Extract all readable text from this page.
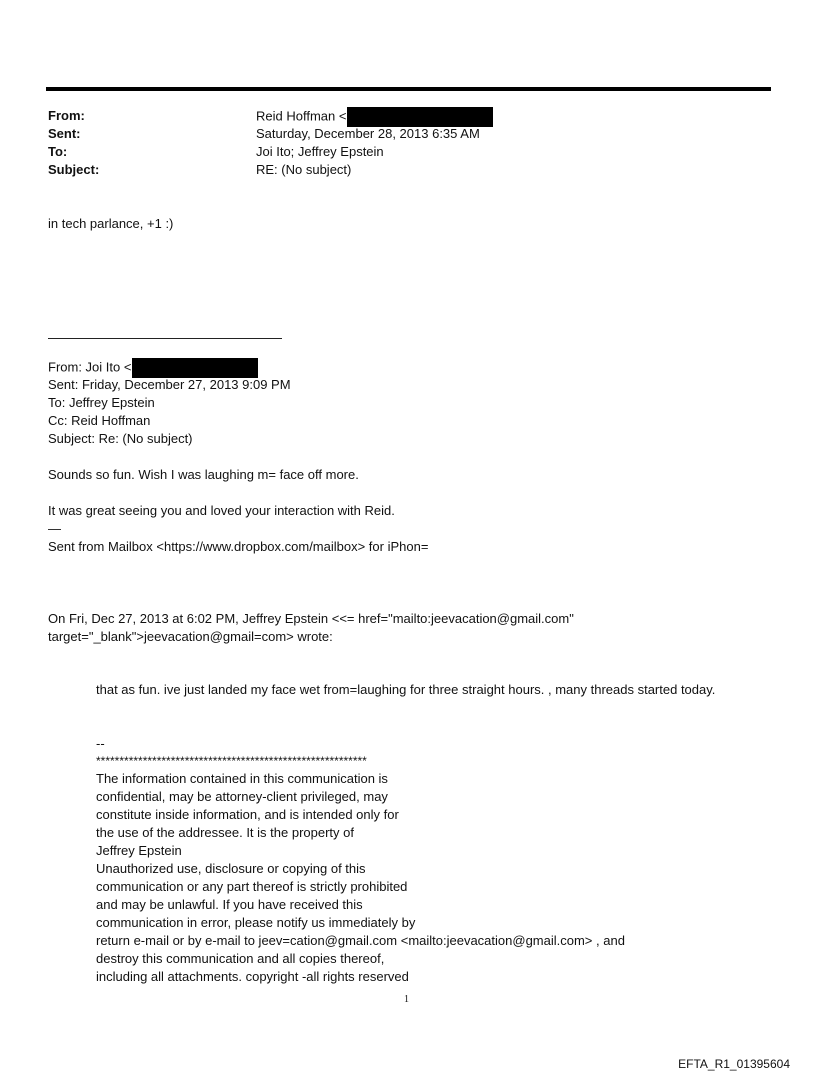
From:	Reid Hoffman <
Sent:	Saturday, December 28, 2013 6:35 AM
To:	Joi Ito; Jeffrey Epstein
Subject:	RE: (No subject)
in tech parlance, +1 :)
From: Joi Ito <
Sent: Friday, December 27, 2013 9:09 PM
To: Jeffrey Epstein
Cc: Reid Hoffman
Subject: Re: (No subject)
Sounds so fun. Wish I was laughing m= face off more.
It was great seeing you and loved your interaction with Reid.
—
Sent from Mailbox <https://www.dropbox.com/mailbox> for iPhon=
On Fri, Dec 27, 2013 at 6:02 PM, Jeffrey Epstein <<= href="mailto:jeevacation@gmail.com"
target="_blank">jeevacation@gmail=com> wrote:
that as fun. ive just landed my face wet from=laughing for three straight hours. , many threads started today.
--
**********************************************************
The information contained in this communication is
confidential, may be attorney-client privileged, may
constitute inside information, and is intended only for
the use of the addressee. It is the property of
Jeffrey Epstein
Unauthorized use, disclosure or copying of this
communication or any part thereof is strictly prohibited
and may be unlawful. If you have received this
communication in error, please notify us immediately by
return e-mail or by e-mail to jeev=cation@gmail.com <mailto:jeevacation@gmail.com> , and
destroy this communication and all copies thereof,
including all attachments. copyright -all rights reserved
1
EFTA_R1_01395604
